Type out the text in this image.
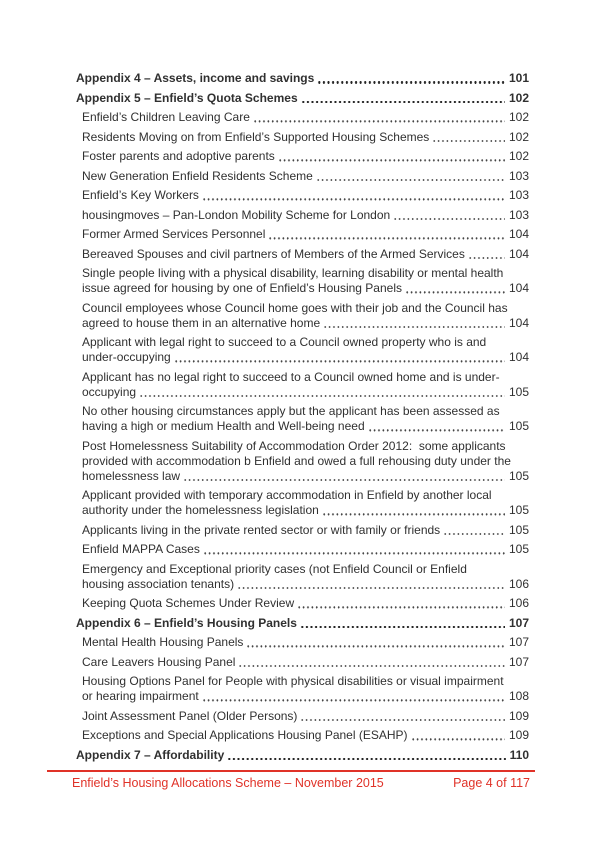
Appendix 4 – Assets, income and savings	101
Appendix 5 – Enfield’s Quota Schemes	102
Enfield’s Children Leaving Care	102
Residents Moving on from Enfield’s Supported Housing Schemes	102
Foster parents and adoptive parents	102
New Generation Enfield Residents Scheme	103
Enfield’s Key Workers	103
housingmoves – Pan-London Mobility Scheme for London	103
Former Armed Services Personnel	104
Bereaved Spouses and civil partners of Members of the Armed Services	104
Single people living with a physical disability, learning disability or mental health
issue agreed for housing by one of Enfield’s Housing Panels	104
Council employees whose Council home goes with their job and the Council has
agreed to house them in an alternative home	104
Applicant with legal right to succeed to a Council owned property who is and
under-occupying	104
Applicant has no legal right to succeed to a Council owned home and is under-
occupying	105
No other housing circumstances apply but the applicant has been assessed as
having a high or medium Health and Well-being need	105
Post Homelessness Suitability of Accommodation Order 2012:  some applicants
provided with accommodation b Enfield and owed a full rehousing duty under the
homelessness law	105
Applicant provided with temporary accommodation in Enfield by another local
authority under the homelessness legislation	105
Applicants living in the private rented sector or with family or friends	105
Enfield MAPPA Cases	105
Emergency and Exceptional priority cases (not Enfield Council or Enfield
housing association tenants)	106
Keeping Quota Schemes Under Review	106
Appendix 6 – Enfield’s Housing Panels	107
Mental Health Housing Panels	107
Care Leavers Housing Panel	107
Housing Options Panel for People with physical disabilities or visual impairment
or hearing impairment	108
Joint Assessment Panel (Older Persons)	109
Exceptions and Special Applications Housing Panel (ESAHP)	109
Appendix 7 – Affordability	110
Enfield’s Housing Allocations Scheme – November 2015	Page 4 of 117
